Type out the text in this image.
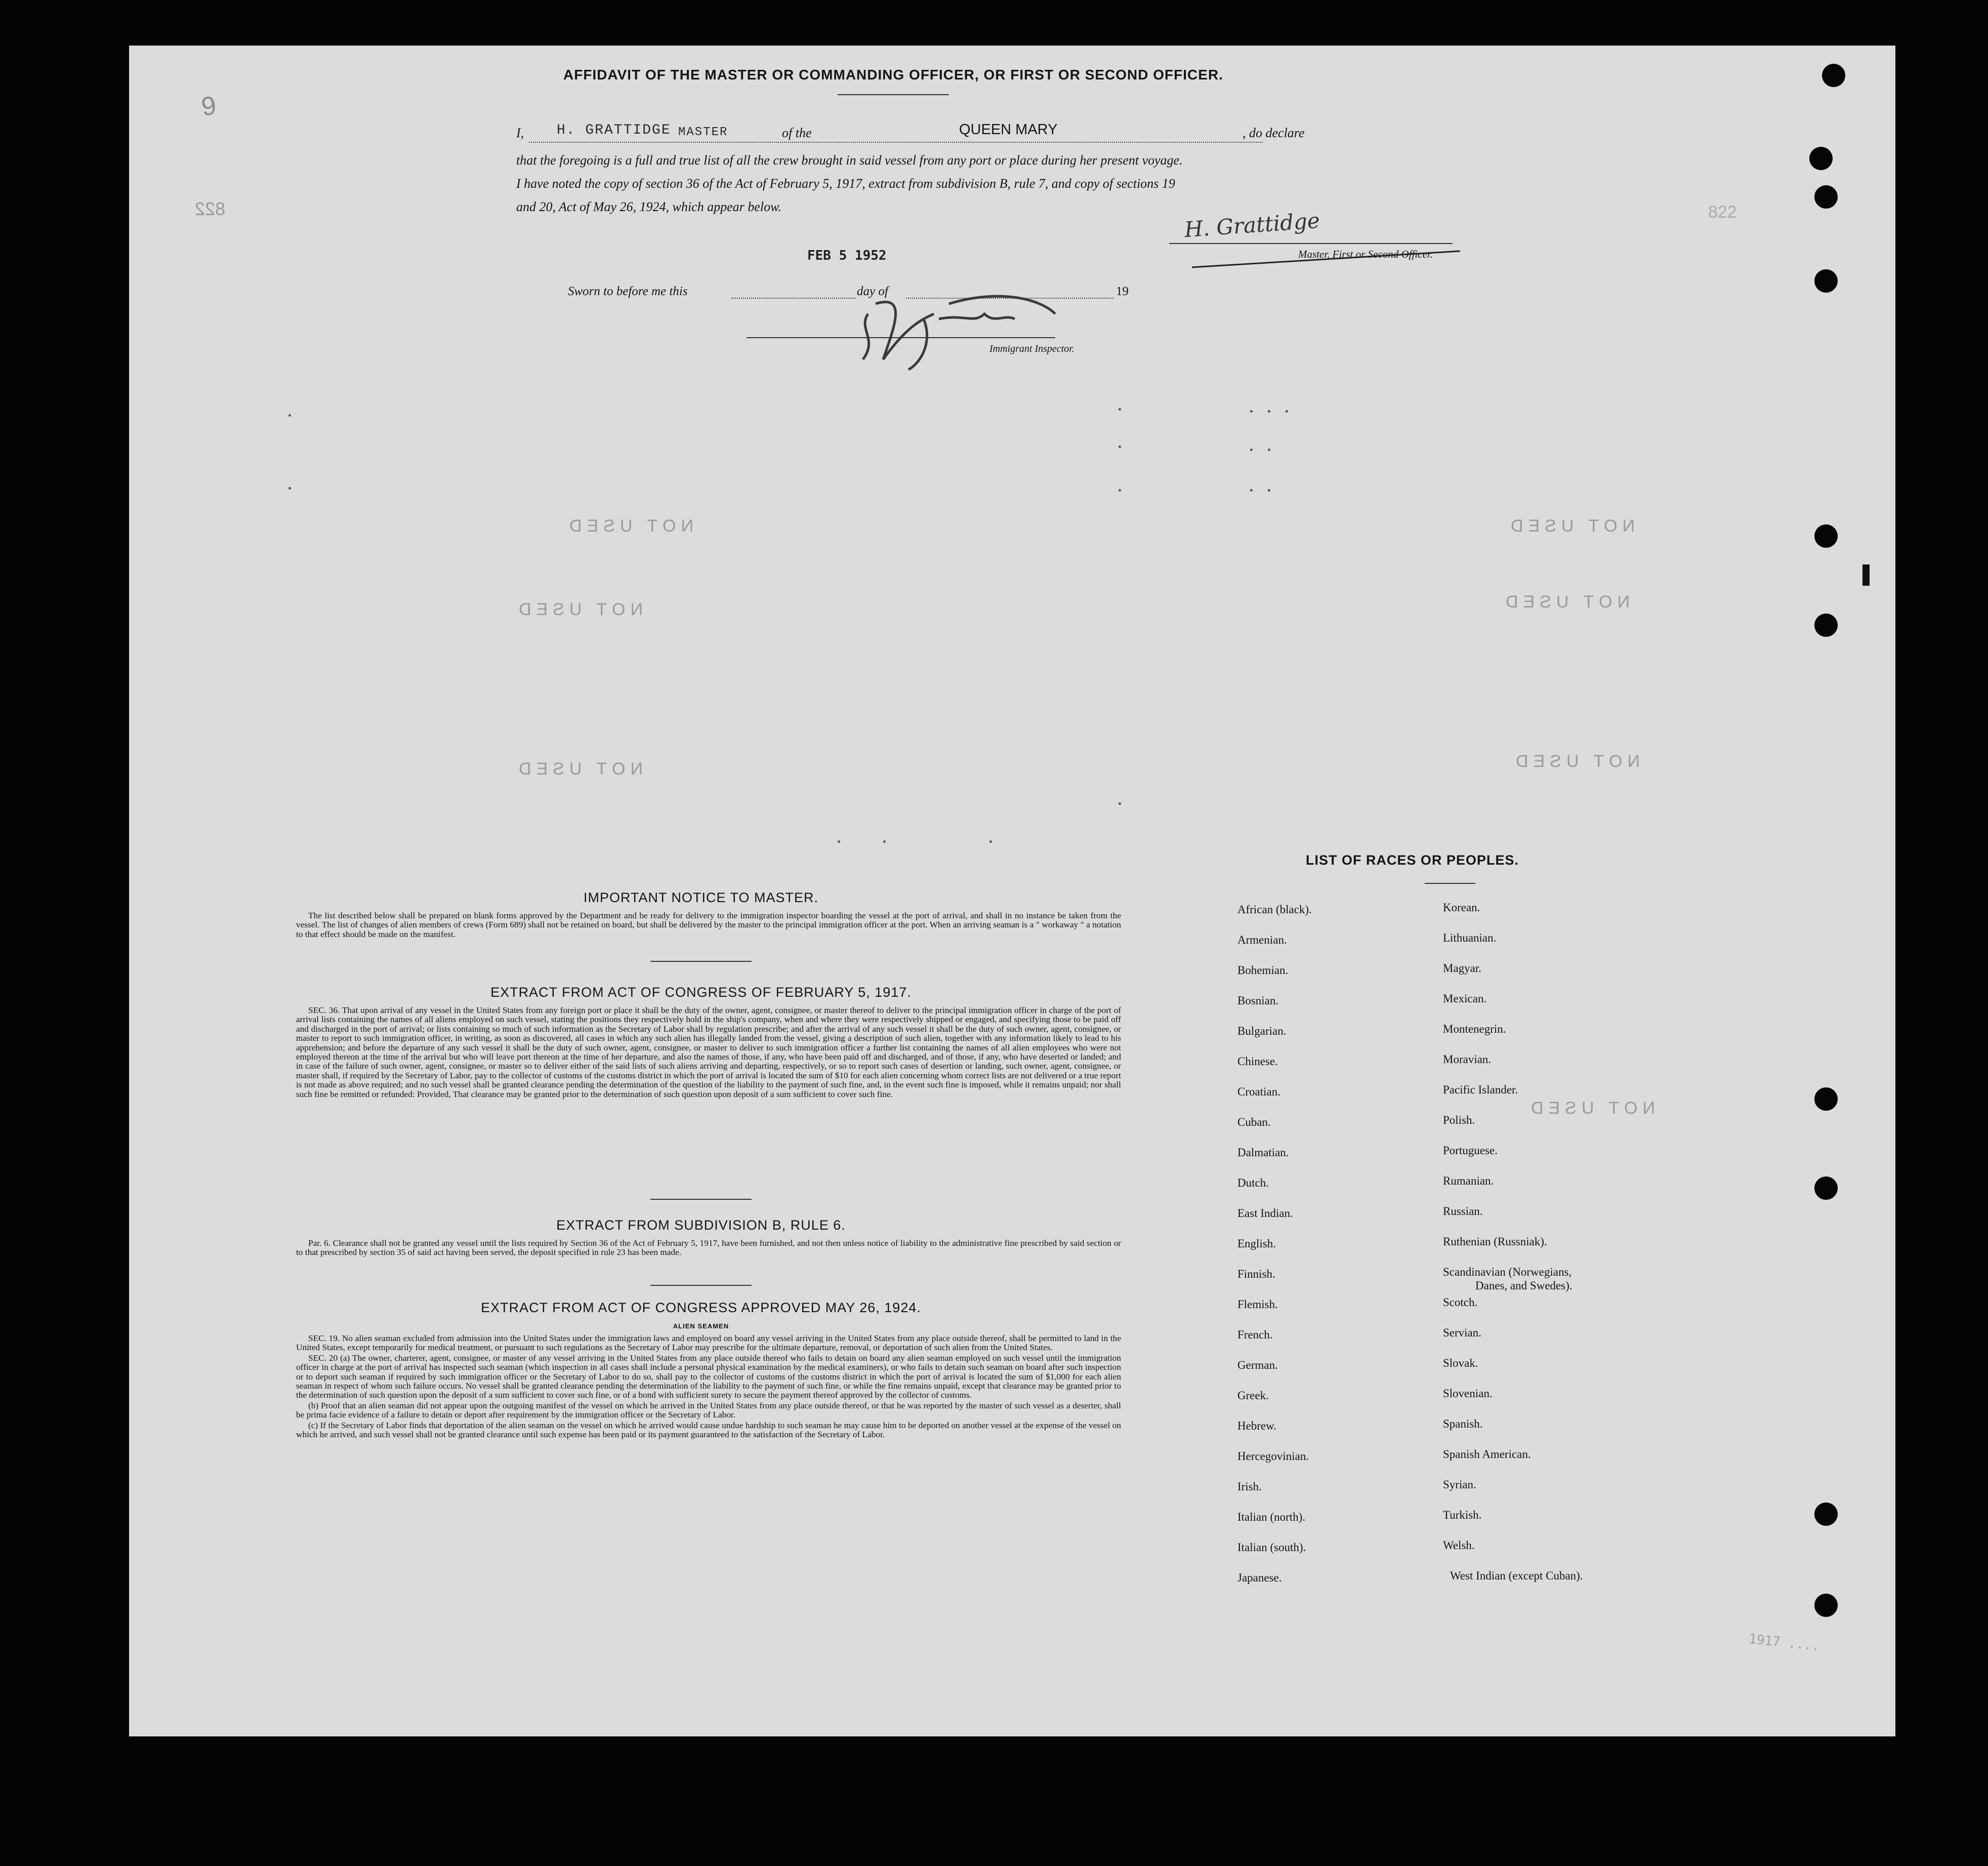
9
822	822
AFFIDAVIT OF THE MASTER OR COMMANDING OFFICER, OR FIRST OR SECOND OFFICER.
I, H. GRATTIDGE MASTER	of the	QUEEN MARY	, do declare
that the foregoing is a full and true list of all the crew brought in said vessel from any port or place during her present voyage.
I have noted the copy of section 36 of the Act of February 5, 1917, extract from subdivision B, rule 7, and copy of sections 19
and 20, Act of May 26, 1924, which appear below.
H. Grattidge
Master, First or Second Officer.
FEB 5 1952
Sworn to before me this	day of	19
Immigrant Inspector.
NOT USED	NOT USED
NOT USED	NOT USED
NOT USED	NOT USED
NOT USED
IMPORTANT NOTICE TO MASTER.

The list described below shall be prepared on blank forms approved by the Department and be ready for delivery to the immigration inspector boarding the vessel at the port of arrival, and shall in no instance be taken from the vessel. The list of changes of alien members of crews (Form 689) shall not be retained on board, but shall be delivered by the master to the principal immigration officer at the port. When an arriving seaman is a " workaway " a notation to that effect should be made on the manifest.

EXTRACT FROM ACT OF CONGRESS OF FEBRUARY 5, 1917.

SEC. 36. That upon arrival of any vessel in the United States from any foreign port or place it shall be the duty of the owner, agent, consignee, or master thereof to deliver to the principal immigration officer in charge of the port of arrival lists containing the names of all aliens employed on such vessel, stating the positions they respectively hold in the ship's company, when and where they were respectively shipped or engaged, and specifying those to be paid off and discharged in the port of arrival; or lists containing so much of such information as the Secretary of Labor shall by regulation prescribe; and after the arrival of any such vessel it shall be the duty of such owner, agent, consignee, or master to report to such immigration officer, in writing, as soon as discovered, all cases in which any such alien has illegally landed from the vessel, giving a description of such alien, together with any information likely to lead to his apprehension; and before the departure of any such vessel it shall be the duty of such owner, agent, consignee, or master to deliver to such immigration officer a further list containing the names of all alien employees who were not employed thereon at the time of the arrival but who will leave port thereon at the time of her departure, and also the names of those, if any, who have been paid off and discharged, and of those, if any, who have deserted or landed; and in case of the failure of such owner, agent, consignee, or master so to deliver either of the said lists of such aliens arriving and departing, respectively, or so to report such cases of desertion or landing, such owner, agent, consignee, or master shall, if required by the Secretary of Labor, pay to the collector of customs of the customs district in which the port of arrival is located the sum of $10 for each alien concerning whom correct lists are not delivered or a true report is not made as above required; and no such vessel shall be granted clearance pending the determination of the question of the liability to the payment of such fine, and, in the event such fine is imposed, while it remains unpaid; nor shall such fine be remitted or refunded: Provided, That clearance may be granted prior to the determination of such question upon deposit of a sum sufficient to cover such fine.

EXTRACT FROM SUBDIVISION B, RULE 6.

Par. 6. Clearance shall not be granted any vessel until the lists required by Section 36 of the Act of February 5, 1917, have been furnished, and not then unless notice of liability to the administrative fine prescribed by said section or to that prescribed by section 35 of said act having been served, the deposit specified in rule 23 has been made.

EXTRACT FROM ACT OF CONGRESS APPROVED MAY 26, 1924.
ALIEN SEAMEN

SEC. 19. No alien seaman excluded from admission into the United States under the immigration laws and employed on board any vessel arriving in the United States from any place outside thereof, shall be permitted to land in the United States, except temporarily for medical treatment, or pursuant to such regulations as the Secretary of Labor may prescribe for the ultimate departure, removal, or deportation of such alien from the United States.

SEC. 20 (a) The owner, charterer, agent, consignee, or master of any vessel arriving in the United States from any place outside thereof who fails to detain on board any alien seaman employed on such vessel until the immigration officer in charge at the port of arrival has inspected such seaman (which inspection in all cases shall include a personal physical examination by the medical examiners), or who fails to detain such seaman on board after such inspection or to deport such seaman if required by such immigration officer or the Secretary of Labor to do so, shall pay to the collector of customs of the customs district in which the port of arrival is located the sum of $1,000 for each alien seaman in respect of whom such failure occurs. No vessel shall be granted clearance pending the determination of the liability to the payment of such fine, or while the fine remains unpaid, except that clearance may be granted prior to the determination of such question upon the deposit of a sum sufficient to cover such fine, or of a bond with sufficient surety to secure the payment thereof approved by the collector of customs.

(b) Proof that an alien seaman did not appear upon the outgoing manifest of the vessel on which he arrived in the United States from any place outside thereof, or that he was reported by the master of such vessel as a deserter, shall be prima facie evidence of a failure to detain or deport after requirement by the immigration officer or the Secretary of Labor.

(c) If the Secretary of Labor finds that deportation of the alien seaman on the vessel on which he arrived would cause undue hardship to such seaman he may cause him to be deported on another vessel at the expense of the vessel on which he arrived, and such vessel shall not be granted clearance until such expense has been paid or its payment guaranteed to the satisfaction of the Secretary of Labor.

LIST OF RACES OR PEOPLES.
African (black).
Armenian.
Bohemian.
Bosnian.
Bulgarian.
Chinese.
Croatian.
Cuban.
Dalmatian.
Dutch.
East Indian.
English.
Finnish.
Flemish.
French.
German.
Greek.
Hebrew.
Hercegovinian.
Irish.
Italian (north).
Italian (south).
Japanese.
Korean.
Lithuanian.
Magyar.
Mexican.
Montenegrin.
Moravian.
Pacific Islander.
Polish.
Portuguese.
Rumanian.
Russian.
Ruthenian (Russniak).
Scandinavian (Norwegians,
Danes, and Swedes).
Scotch.
Servian.
Slovak.
Slovenian.
Spanish.
Spanish American.
Syrian.
Turkish.
Welsh.
West Indian (except Cuban).
1917 ....
